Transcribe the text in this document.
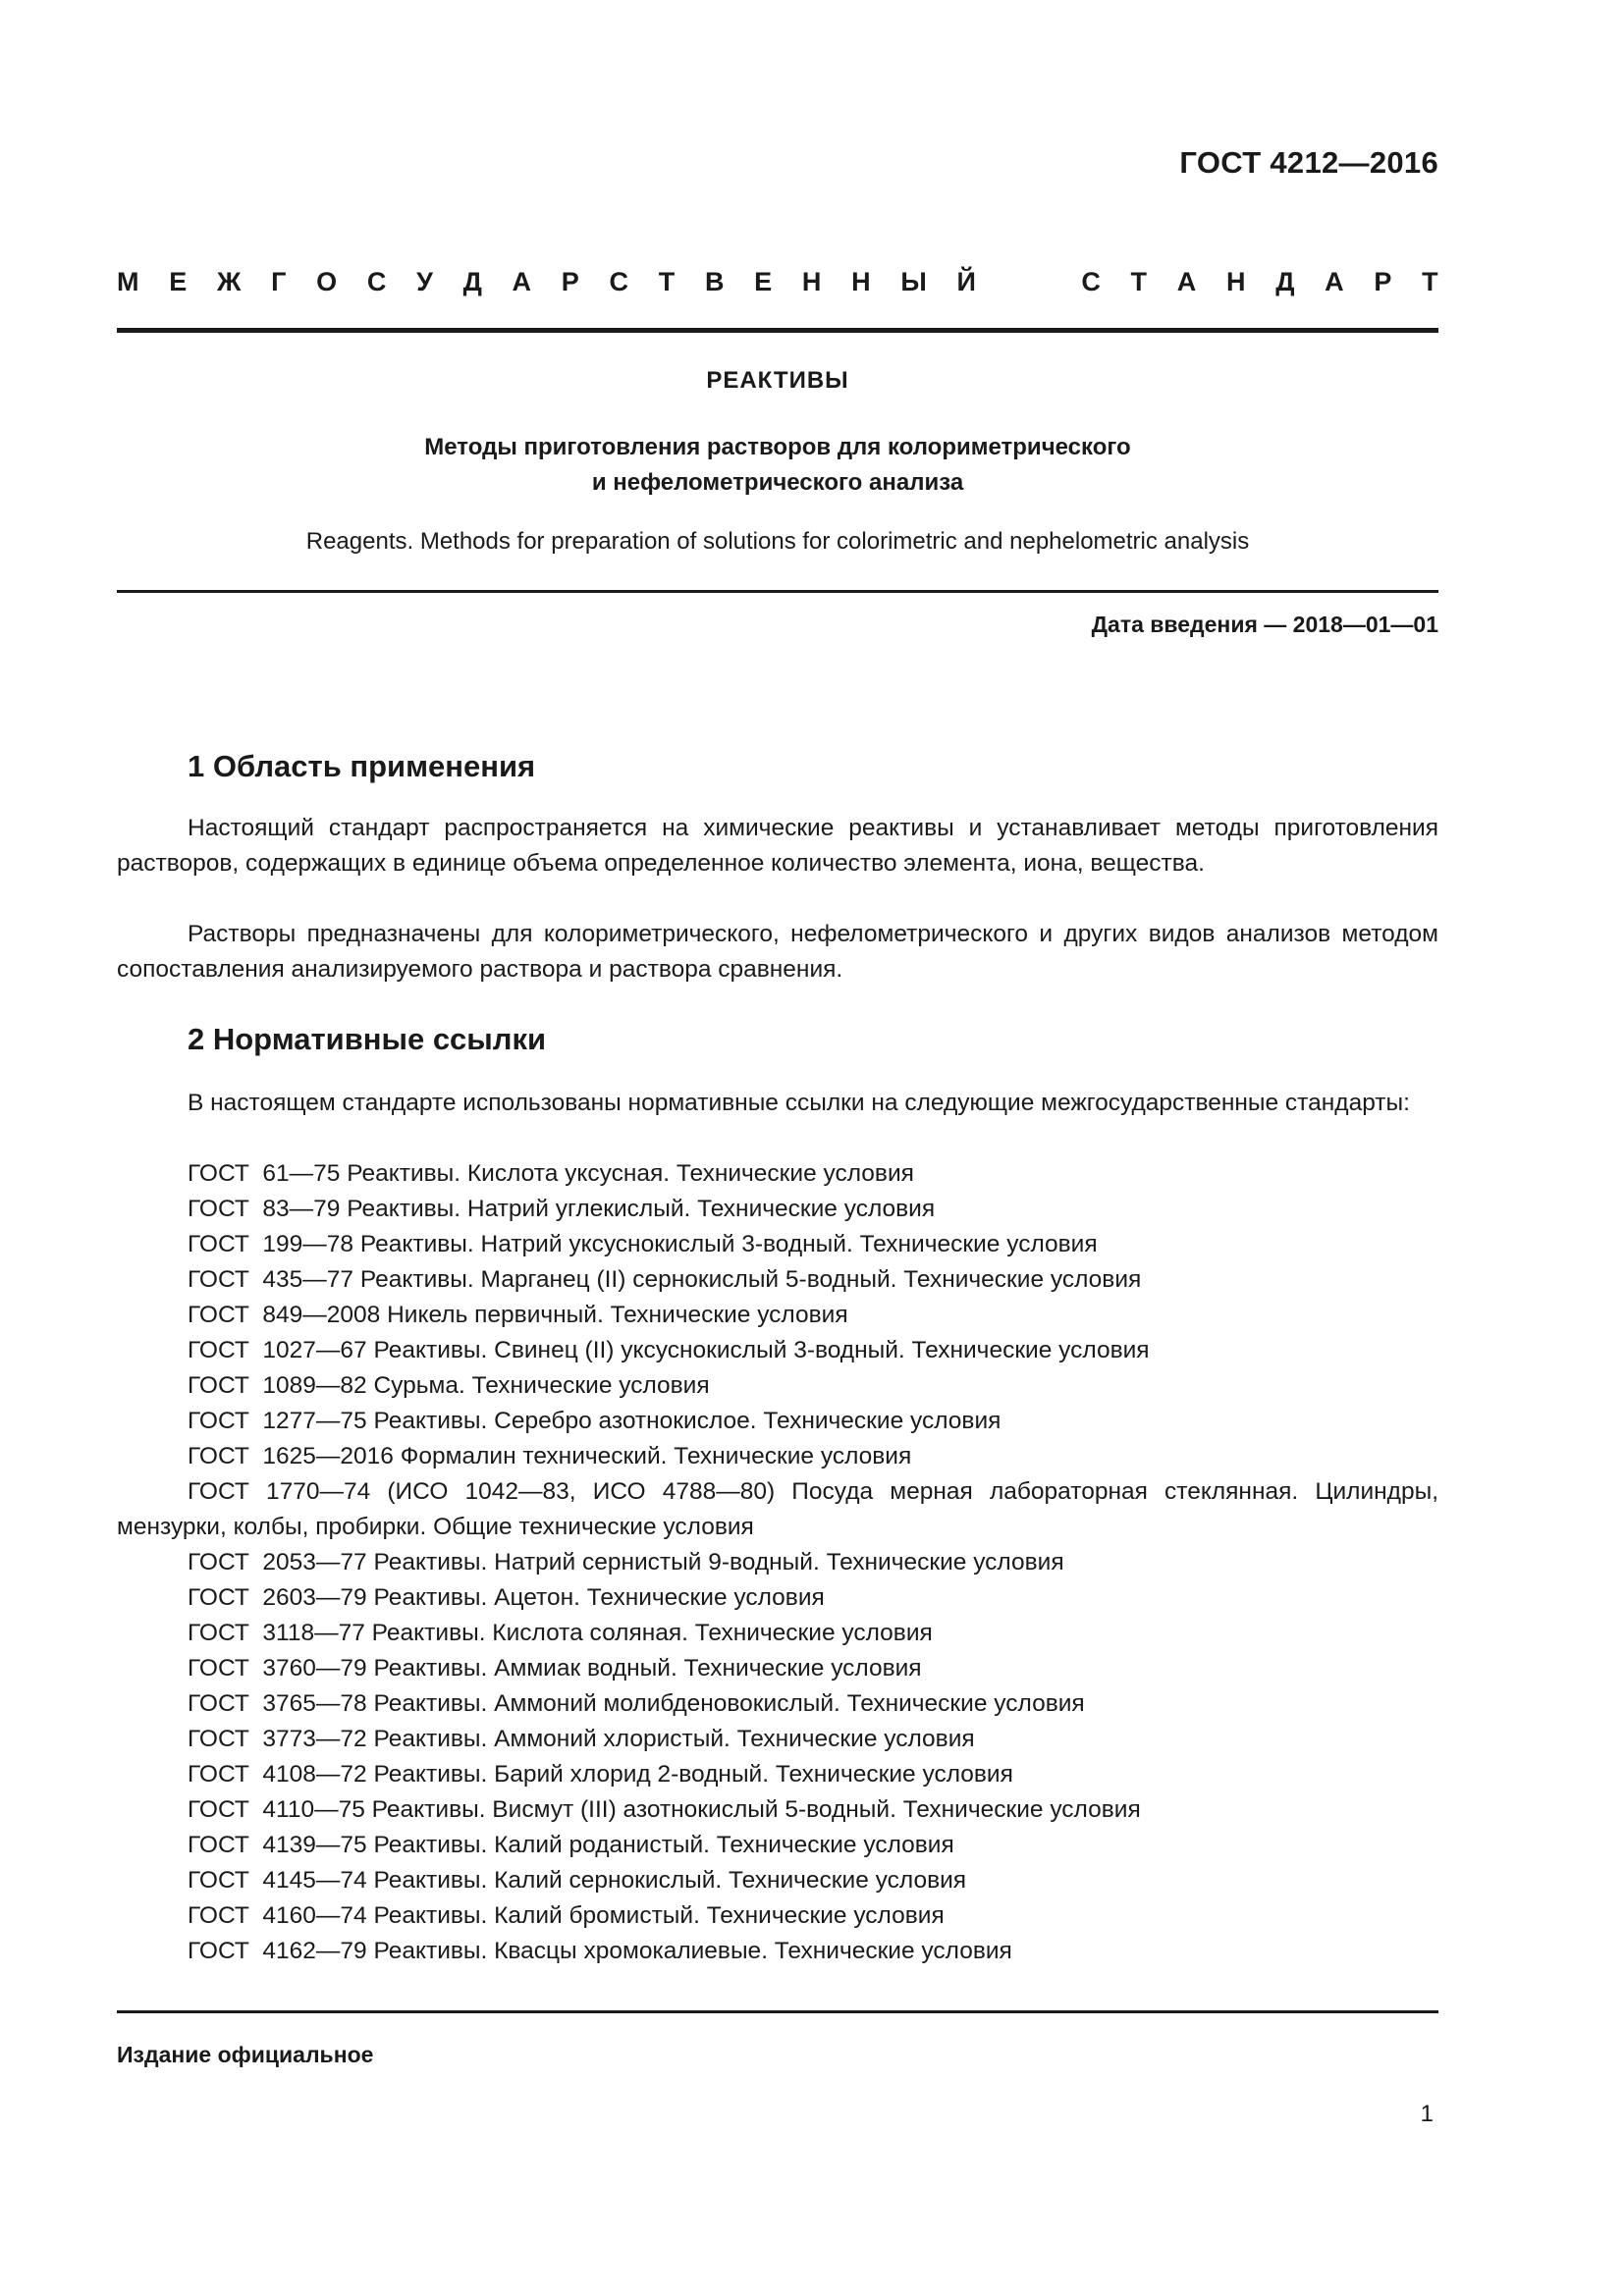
ГОСТ 4212—2016
М Е Ж Г О С У Д А Р С Т В Е Н Н Ы Й	С Т А Н Д А Р Т
РЕАКТИВЫ
Методы приготовления растворов для колориметрического
и нефелометрического анализа
Reagents. Methods for preparation of solutions for colorimetric and nephelometric analysis
Дата введения — 2018—01—01
1 Область применения

Настоящий стандарт распространяется на химические реактивы и устанавливает методы приготовления растворов, содержащих в единице объема определенное количество элемента, иона, вещества.

Растворы предназначены для колориметрического, нефелометрического и других видов анализов методом сопоставления анализируемого раствора и раствора сравнения.

2 Нормативные ссылки

В настоящем стандарте использованы нормативные ссылки на следующие межгосударственные стандарты:

ГОСТ  61—75 Реактивы. Кислота уксусная. Технические условия
ГОСТ  83—79 Реактивы. Натрий углекислый. Технические условия
ГОСТ  199—78 Реактивы. Натрий уксуснокислый 3-водный. Технические условия
ГОСТ  435—77 Реактивы. Марганец (II) сернокислый 5-водный. Технические условия
ГОСТ  849—2008 Никель первичный. Технические условия
ГОСТ  1027—67 Реактивы. Свинец (II) уксуснокислый 3-водный. Технические условия
ГОСТ  1089—82 Сурьма. Технические условия
ГОСТ  1277—75 Реактивы. Серебро азотнокислое. Технические условия
ГОСТ  1625—2016 Формалин технический. Технические условия
ГОСТ 1770—74 (ИСО 1042—83, ИСО 4788—80) Посуда мерная лабораторная стеклянная. Цилиндры, мензурки, колбы, пробирки. Общие технические условия
ГОСТ  2053—77 Реактивы. Натрий сернистый 9-водный. Технические условия
ГОСТ  2603—79 Реактивы. Ацетон. Технические условия
ГОСТ  3118—77 Реактивы. Кислота соляная. Технические условия
ГОСТ  3760—79 Реактивы. Аммиак водный. Технические условия
ГОСТ  3765—78 Реактивы. Аммоний молибденовокислый. Технические условия
ГОСТ  3773—72 Реактивы. Аммоний хлористый. Технические условия
ГОСТ  4108—72 Реактивы. Барий хлорид 2-водный. Технические условия
ГОСТ  4110—75 Реактивы. Висмут (III) азотнокислый 5-водный. Технические условия
ГОСТ  4139—75 Реактивы. Калий роданистый. Технические условия
ГОСТ  4145—74 Реактивы. Калий сернокислый. Технические условия
ГОСТ  4160—74 Реактивы. Калий бромистый. Технические условия
ГОСТ  4162—79 Реактивы. Квасцы хромокалиевые. Технические условия
Издание официальное
1
